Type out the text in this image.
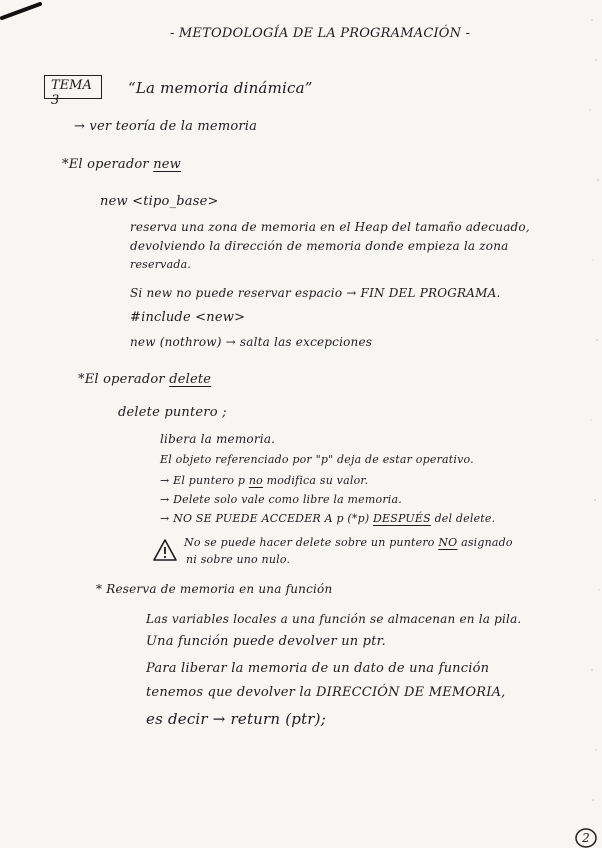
- METODOLOGÍA DE LA PROGRAMACIÓN -
TEMA 3
“La memoria dinámica”
→ ver teoría de la memoria
*El operador new
new <tipo_base>
reserva una zona de memoria en el Heap del tamaño adecuado,
devolviendo la dirección de memoria donde empieza la zona
reservada.
Si new no puede reservar espacio → FIN DEL PROGRAMA.
#include <new>
new (nothrow) → salta las excepciones
*El operador delete
delete puntero ;
libera la memoria.
El objeto referenciado por "p" deja de estar operativo.
→ El puntero p no modifica su valor.
→ Delete solo vale como libre la memoria.
→ NO SE PUEDE ACCEDER A p (*p) DESPUÉS del delete.
No se puede hacer delete sobre un puntero NO asignado
ni sobre uno nulo.
* Reserva de memoria en una función
Las variables locales a una función se almacenan en la pila.
Una función puede devolver un ptr.
Para liberar la memoria de un dato de una función
tenemos que devolver la DIRECCIÓN DE MEMORIA,
es decir → return (ptr);
2
